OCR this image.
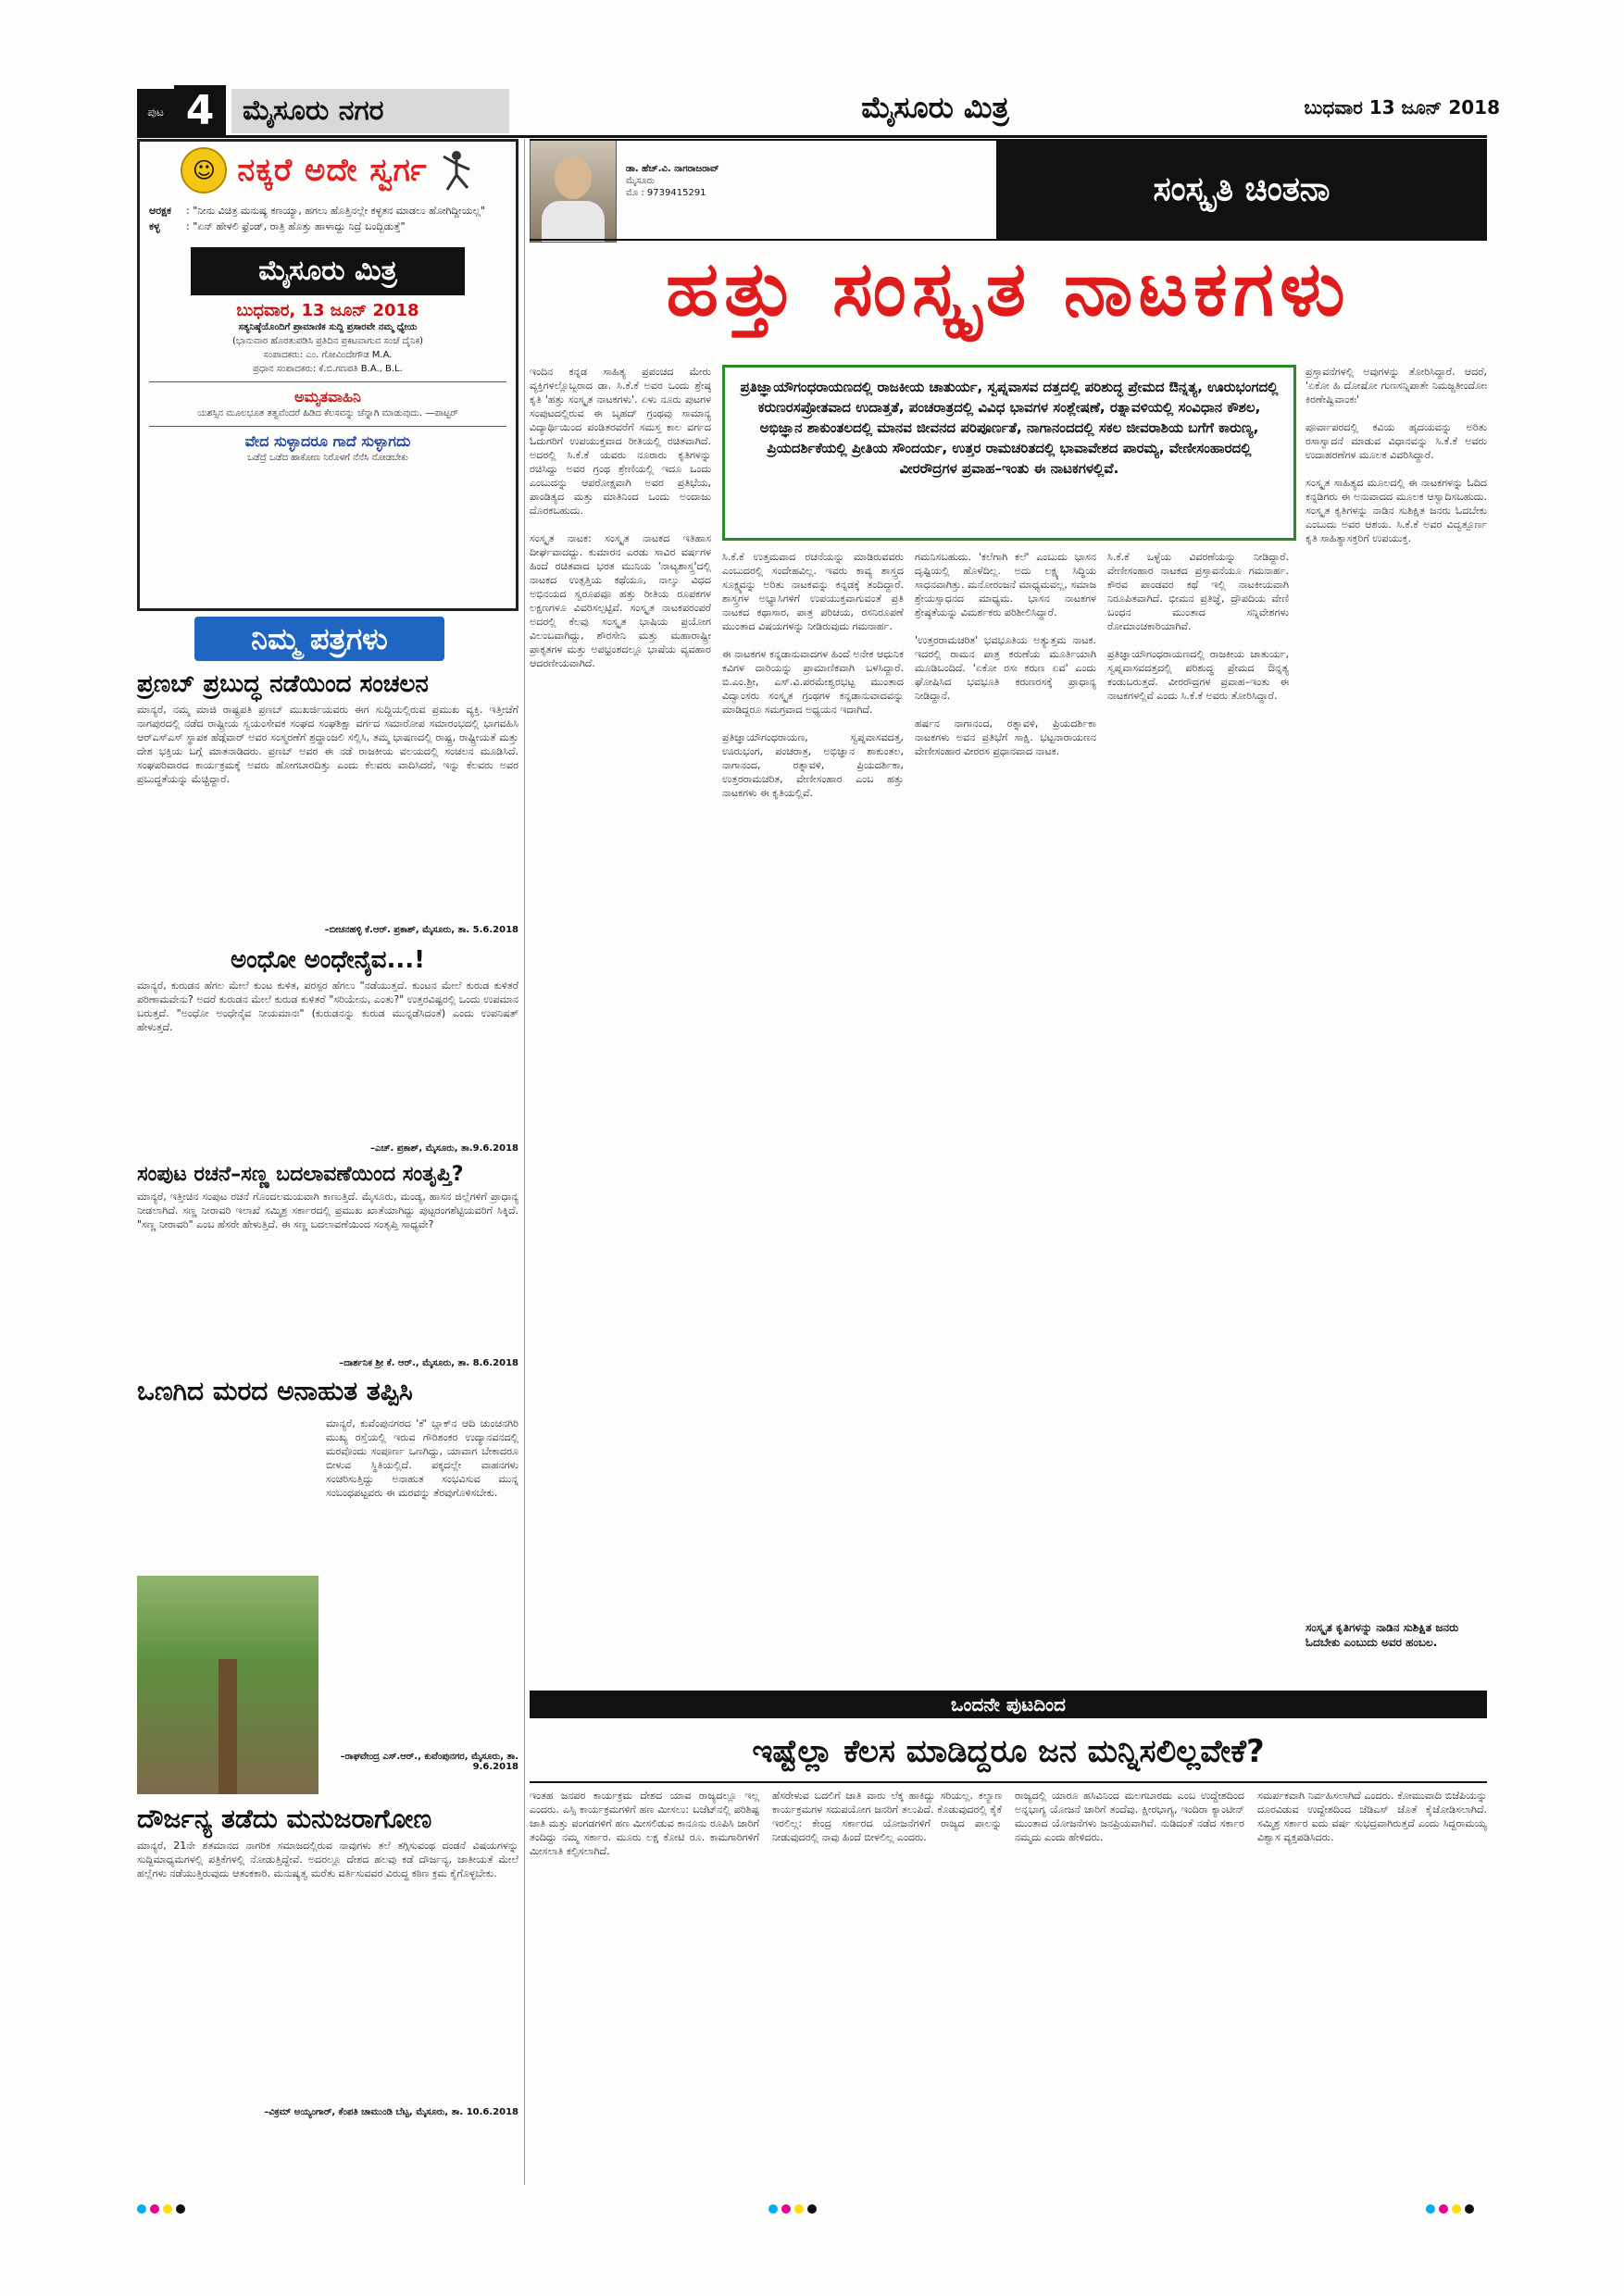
ಪುಟ 4	ಮೈಸೂರು ನಗರ	ಮೈಸೂರು ಮಿತ್ರ	ಬುಧವಾರ 13 ಜೂನ್ 2018
☺ ನಕ್ಕರೆ ಅದೇ ಸ್ವರ್ಗ
ಆರಕ್ಷಕ : "ನೀನು ವಿಚಿತ್ರ ಮನುಷ್ಯ ಕಣಯ್ಯಾ, ಹಗಲು ಹೊತ್ತಿನಲ್ಲೇ ಕಳ್ಳತನ ಮಾಡಲು ಹೋಗಿದ್ದೀಯಲ್ಲ"
ಕಳ್ಳ	: "ಏನ್ ಹೇಳಲಿ ಫ್ರೆಂಡ್, ರಾತ್ರಿ ಹೊತ್ತು ಹಾಳಾದ್ದು ನಿದ್ರೆ ಬಂದ್ಬಿಡುತ್ತೆ"
ಮೈಸೂರು ಮಿತ್ರ
ಬುಧವಾರ, 13 ಜೂನ್ 2018
ಸತ್ಯನಿಷ್ಠೆಯೊಂದಿಗೆ ಪ್ರಾಮಾಣಿಕ ಸುದ್ದಿ ಪ್ರಸಾರವೇ ನಮ್ಮ ಧ್ಯೇಯ
(ಭಾನುವಾರ ಹೊರತುಪಡಿಸಿ ಪ್ರತಿದಿನ ಪ್ರಕಟವಾಗುವ ಸಂಜೆ ದೈನಿಕ)
ಸಂಪಾದಕರು: ಎಂ. ಗೋವಿಂದೇಗೌಡ M.A.
ಪ್ರಧಾನ ಸಂಪಾದಕರು: ಕೆ.ಬಿ.ಗಣಪತಿ B.A., B.L.
ಅಮೃತವಾಹಿನಿ
ಯಶಸ್ಸಿನ ಮೂಲಭೂತ ತತ್ವವೆಂದರೆ ಹಿಡಿದ ಕೆಲಸವನ್ನು ಚೆನ್ನಾಗಿ ಮಾಡುವುದು. —ಪಾಟ್ಟರ್
ವೇದ ಸುಳ್ಳಾದರೂ ಗಾದೆ ಸುಳ್ಳಾಗದು
ಒಡೆದ್ರೆ ಒಡೆದ ಹಾಕೋಣ ನಿರೊಳಗೆ ನೆನೆಸಿ ನೋಡಬೇಕು
ನಿಮ್ಮ ಪತ್ರಗಳು
ಪ್ರಣಬ್ ಪ್ರಬುದ್ಧ ನಡೆಯಿಂದ ಸಂಚಲನ
ಮಾನ್ಯರೆ, ನಮ್ಮ ಮಾಜಿ ರಾಷ್ಟ್ರಪತಿ ಪ್ರಣಬ್ ಮುಖರ್ಜಿಯವರು ಈಗ ಸುದ್ದಿಯಲ್ಲಿರುವ ಪ್ರಮುಖ ವ್ಯಕ್ತಿ. ಇತ್ತೀಚೆಗೆ ನಾಗಪುರದಲ್ಲಿ ನಡೆದ ರಾಷ್ಟ್ರೀಯ ಸ್ವಯಂಸೇವಕ ಸಂಘದ ಸಂಘಶಿಕ್ಷಾ ವರ್ಗದ ಸಮಾರೋಪ ಸಮಾರಂಭದಲ್ಲಿ ಭಾಗವಹಿಸಿ ಆರ್‌ಎಸ್‌ಎಸ್ ಸ್ಥಾಪಕ ಹೆಡ್ಗೆವಾರ್ ಅವರ ಸಂಸ್ಮರಣೆಗೆ ಶ್ರದ್ಧಾಂಜಲಿ ಸಲ್ಲಿಸಿ, ತಮ್ಮ ಭಾಷಣದಲ್ಲಿ ರಾಷ್ಟ್ರ, ರಾಷ್ಟ್ರೀಯತೆ ಮತ್ತು ದೇಶ ಭಕ್ತಿಯ ಬಗ್ಗೆ ಮಾತನಾಡಿದರು. ಪ್ರಣಬ್ ಅವರ ಈ ನಡೆ ರಾಜಕೀಯ ವಲಯದಲ್ಲಿ ಸಂಚಲನ ಮೂಡಿಸಿದೆ. ಸಂಘಪರಿವಾರದ ಕಾರ್ಯಕ್ರಮಕ್ಕೆ ಅವರು ಹೋಗಬಾರದಿತ್ತು ಎಂದು ಕೆಲವರು ವಾದಿಸಿದರೆ, ಇನ್ನು ಕೆಲವರು ಅವರ ಪ್ರಬುದ್ಧತೆಯನ್ನು ಮೆಚ್ಚಿದ್ದಾರೆ.
–ಬೀಚನಹಳ್ಳಿ ಕೆ.ಆರ್. ಪ್ರಕಾಶ್, ಮೈಸೂರು, ತಾ. 5.6.2018
ಅಂಧೋ ಅಂಧೇನೈವ...!
ಮಾನ್ಯರೆ, ಕುರುಡನ ಹೆಗಲ ಮೇಲೆ ಕುಂಟ ಕುಳಿತ, ಪರಸ್ಪರ ಹೆಗಲು "ನಡೆಯುತ್ತದೆ. ಕುಂಟನ ಮೇಲೆ ಕುರುಡ ಕುಳಿತರೆ ಪರಿಣಾಮವೇನು? ಅದರೆ ಕುರುಡನ ಮೇಲೆ ಕುರುಡ ಕುಳಿತರೆ "ಸರಿಯೇನು, ಎಂತು?" ಉತ್ತರವಿಷ್ಟರಲ್ಲಿ ಒಂದು ಉಪಮಾನ ಬರುತ್ತದೆ. "ಅಂಧೋ ಅಂಧೇನೈವ ನೀಯಮಾನಃ" (ಕುರುಡನನ್ನು ಕುರುಡ ಮುನ್ನಡೆಸಿದಂತೆ) ಎಂದು ಉಪನಿಷತ್ ಹೇಳುತ್ತದೆ.
–ಎಚ್. ಪ್ರಕಾಶ್, ಮೈಸೂರು, ತಾ.9.6.2018
ಸಂಪುಟ ರಚನೆ–ಸಣ್ಣ ಬದಲಾವಣೆಯಿಂದ ಸಂತೃಪ್ತಿ?
ಮಾನ್ಯರೆ, ಇತ್ತೀಚಿನ ಸಂಪುಟ ರಚನೆ ಗೊಂದಲಮಯವಾಗಿ ಕಾಣುತ್ತಿದೆ. ಮೈಸೂರು, ಮಂಡ್ಯ, ಹಾಸನ ಜಿಲ್ಲೆಗಳಿಗೆ ಪ್ರಾಧಾನ್ಯ ನೀಡಲಾಗಿದೆ. ಸಣ್ಣ ನೀರಾವರಿ ಇಲಾಖೆ ಸಮ್ಮಿಶ್ರ ಸರ್ಕಾರದಲ್ಲಿ ಪ್ರಮುಖ ಖಾತೆಯಾಗಿದ್ದು ಪುಟ್ಟರಂಗಶೆಟ್ಟಿಯವರಿಗೆ ಸಿಕ್ಕಿದೆ. "ಸಣ್ಣ ನೀರಾವರಿ" ಎಂಬ ಹೆಸರೇ ಹೇಳುತ್ತಿದೆ. ಈ ಸಣ್ಣ ಬದಲಾವಣೆಯಿಂದ ಸಂತೃಪ್ತಿ ಸಾಧ್ಯವೇ?
–ದಾರ್ಶನಿಕ ಶ್ರೀ ಕೆ. ಆರ್., ಮೈಸೂರು, ತಾ. 8.6.2018
ಒಣಗಿದ ಮರದ ಅನಾಹುತ ತಪ್ಪಿಸಿ
ಮಾನ್ಯರೆ, ಕುವೆಂಪುನಗರದ 'ಕೆ' ಬ್ಲಾಕ್‌ನ ಆದಿ ಚುಂಚನಗಿರಿ ಮುಖ್ಯ ರಸ್ತೆಯಲ್ಲಿ ಇರುವ ಗೌರಿಶಂಕರ ಉದ್ಯಾನವನದಲ್ಲಿ ಮರವೊಂದು ಸಂಪೂರ್ಣ ಒಣಗಿದ್ದು, ಯಾವಾಗ ಬೇಕಾದರೂ ಬೀಳುವ ಸ್ಥಿತಿಯಲ್ಲಿದೆ. ಪಕ್ಕದಲ್ಲೇ ವಾಹನಗಳು ಸಂಚರಿಸುತ್ತಿದ್ದು ಅನಾಹುತ ಸಂಭವಿಸುವ ಮುನ್ನ ಸಂಬಂಧಪಟ್ಟವರು ಈ ಮರವನ್ನು ತೆರವುಗೊಳಿಸಬೇಕು.
–ರಾಘವೇಂದ್ರ ಎಸ್.ಆರ್., ಕುವೆಂಪುನಗರ, ಮೈಸೂರು, ತಾ. 9.6.2018
ದೌರ್ಜನ್ಯ ತಡೆದು ಮನುಜರಾಗೋಣ
ಮಾನ್ಯರೆ, 21ನೇ ಶತಮಾನದ ನಾಗರಿಕ ಸಮಾಜದಲ್ಲಿರುವ ನಾವುಗಳು ತಲೆ ತಗ್ಗಿಸುವಂಥ ದಂಡನೆ ವಿಷಯಗಳನ್ನು ಸುದ್ದಿಮಾಧ್ಯಮಗಳಲ್ಲಿ ಪತ್ರಿಕೆಗಳಲ್ಲಿ ನೋಡುತ್ತಿದ್ದೇವೆ. ಅದರಲ್ಲೂ ದೇಶದ ಹಲವು ಕಡೆ ದೌರ್ಜನ್ಯ, ಜಾತೀಯತೆ ಮೇಲೆ ಹಲ್ಲೆಗಳು ನಡೆಯುತ್ತಿರುವುದು ಆತಂಕಕಾರಿ. ಮನುಷ್ಯತ್ವ ಮರೆತು ವರ್ತಿಸುವವರ ವಿರುದ್ಧ ಕಠಿಣ ಕ್ರಮ ಕೈಗೊಳ್ಳಬೇಕು.
–ವಿಕ್ರಮ್ ಅಯ್ಯಂಗಾರ್, ಕೆಂಪತಿ ಚಾಮುಂಡಿ ಬೆಟ್ಟ, ಮೈಸೂರು, ತಾ. 10.6.2018
ಡಾ. ಹೆಚ್.ವಿ. ನಾಗರಾಜರಾವ್
ಮೈಸೂರು
ಮೊ : 9739415291	ಸಂಸ್ಕೃತಿ ಚಿಂತನಾ
ಹತ್ತು ಸಂಸ್ಕೃತ ನಾಟಕಗಳು
ಇಂದಿನ ಕನ್ನಡ ಸಾಹಿತ್ಯ ಪ್ರಪಂಚದ ಮೇರು ವ್ಯಕ್ತಿಗಳಲ್ಲೊಬ್ಬರಾದ ಡಾ. ಸಿ.ಕೆ.ಕೆ ಅವರ ಒಂದು ಶ್ರೇಷ್ಠ ಕೃತಿ 'ಹತ್ತು ಸಂಸ್ಕೃತ ನಾಟಕಗಳು'. ಏಳು ನೂರು ಪುಟಗಳ ಸಂಪುಟದಲ್ಲಿರುವ ಈ ಬೃಹದ್ ಗ್ರಂಥವು ಸಾಮಾನ್ಯ ವಿದ್ಯಾರ್ಥಿಯಿಂದ ಪಂಡಿತರವರೆಗೆ ಸಮಸ್ತ ಕಾಲ ವರ್ಗದ ಓದುಗರಿಗೆ ಉಪಯುಕ್ತವಾದ ರೀತಿಯಲ್ಲಿ ರಚಿತವಾಗಿದೆ. ಅದರಲ್ಲಿ ಸಿ.ಕೆ.ಕೆ ಯವರು ನೂರಾರು ಕೃತಿಗಳನ್ನು ರಚಿಸಿದ್ದು ಅವರ ಗ್ರಂಥ ಶ್ರೇಣಿಯಲ್ಲಿ ಇದೂ ಒಂದು ಎಂಬುದನ್ನು ಆಪರೋಕ್ಷವಾಗಿ ಅವರ ಪ್ರತಿಭೆಯ, ಪಾಂಡಿತ್ಯದ ಮತ್ತು ಮಾತಿನಿಂದ ಒಂದು ಅಂದಾಜು ದೊರಕಬಹುದು.

ಸಂಸ್ಕೃತ ನಾಟಕ: ಸಂಸ್ಕೃತ ನಾಟಕದ ಇತಿಹಾಸ ದೀರ್ಘವಾದದ್ದು. ಕುಮಾರನ ಎರಡು ಸಾವಿರ ವರ್ಷಗಳ ಹಿಂದೆ ರಚಿತವಾದ ಭರತ ಮುನಿಯ 'ನಾಟ್ಯಶಾಸ್ತ್ರ'ದಲ್ಲಿ ನಾಟಕದ ಉತ್ಪತ್ತಿಯ ಕಥೆಯೂ, ನಾಲ್ಕು ವಿಧದ ಅಭಿನಯದ ಸ್ವರೂಪವೂ ಹತ್ತು ರೀತಿಯ ರೂಪಕಗಳ ಲಕ್ಷಣಗಳೂ ವಿವರಿಸಲ್ಪಟ್ಟಿವೆ. ಸಂಸ್ಕೃತ ನಾಟಕಪರಂಪರೆ ಅದರಲ್ಲಿ ಕೆಲವು ಸಂಸ್ಕೃತ ಭಾಷಿಯ ಪ್ರಯೋಗ ವಿಲಂಬವಾಗಿದ್ದು, ಶೌರಸೇನಿ ಮತ್ತು ಮಹಾರಾಷ್ಟ್ರೀ ಪ್ರಾಕೃತಗಳ ಮತ್ತು ಅಪಭ್ರಂಶದಲ್ಲೂ ಭಾಷೆಯ ವ್ಯವಹಾರ ಆದರಣೀಯವಾಗಿದೆ.
ಪ್ರತಿಜ್ಞಾಯೌಗಂಧರಾಯಣದಲ್ಲಿ ರಾಜಕೀಯ ಚಾತುರ್ಯ, ಸ್ವಪ್ನವಾಸವ ದತ್ತದಲ್ಲಿ ಪರಿಶುದ್ಧ ಪ್ರೇಮದ ಔನ್ನತ್ಯ, ಊರುಭಂಗದಲ್ಲಿ ಕರುಣರಸಪ್ರೋತವಾದ ಉದಾತ್ತತೆ, ಪಂಚರಾತ್ರದಲ್ಲಿ ವಿವಿಧ ಭಾವಗಳ ಸಂಶ್ಲೇಷಣೆ, ರತ್ನಾವಳಿಯಲ್ಲಿ ಸಂವಿಧಾನ ಕೌಶಲ, ಅಭಿಜ್ಞಾನ ಶಾಕುಂತಲದಲ್ಲಿ ಮಾನವ ಜೀವನದ ಪರಿಪೂರ್ಣತೆ, ನಾಗಾನಂದದಲ್ಲಿ ಸಕಲ ಜೀವರಾಶಿಯ ಬಗೆಗೆ ಕಾರುಣ್ಯ, ಪ್ರಿಯದರ್ಶಿಕೆಯಲ್ಲಿ ಪ್ರೀತಿಯ ಸೌಂದರ್ಯ, ಉತ್ತರ ರಾಮಚರಿತದಲ್ಲಿ ಭಾವಾವೇಶದ ಪಾರಮ್ಯ, ವೇಣೀಸಂಹಾರದಲ್ಲಿ ವೀರರೌದ್ರಗಳ ಪ್ರವಾಹ–ಇಂತು ಈ ನಾಟಕಗಳಲ್ಲಿವೆ.
ಸಿ.ಕೆ.ಕೆ ಉತ್ತಮವಾದ ರಚನೆಯನ್ನು ಮಾಡಿರುವವರು ಎಂಬುದರಲ್ಲಿ ಸಂದೇಹವಿಲ್ಲ. ಇವರು ಕಾವ್ಯ ಶಾಸ್ತ್ರದ ಸೂಕ್ಷ್ಮವನ್ನು ಅರಿತು ನಾಟಕವನ್ನು ಕನ್ನಡಕ್ಕೆ ತಂದಿದ್ದಾರೆ. ಶಾಸ್ತ್ರಗಳ ಅಭ್ಯಾಸಿಗಳಿಗೆ ಉಪಯುಕ್ತವಾಗುವಂತೆ ಪ್ರತಿ ನಾಟಕದ ಕಥಾಸಾರ, ಪಾತ್ರ ಪರಿಚಯ, ರಸನಿರೂಪಣೆ ಮುಂತಾದ ವಿಷಯಗಳನ್ನು ನೀಡಿರುವುದು ಗಮನಾರ್ಹ.

ಈ ನಾಟಕಗಳ ಕನ್ನಡಾನುವಾದಗಳ ಹಿಂದೆ ಅನೇಕ ಆಧುನಿಕ ಕವಿಗಳ ದಾರಿಯನ್ನು ಪ್ರಾಮಾಣಿಕವಾಗಿ ಬಳಸಿದ್ದಾರೆ. ಬಿ.ಎಂ.ಶ್ರೀ, ಎಸ್.ವಿ.ಪರಮೇಶ್ವರಭಟ್ಟ ಮುಂತಾದ ವಿದ್ವಾಂಸರು ಸಂಸ್ಕೃತ ಗ್ರಂಥಗಳ ಕನ್ನಡಾನುವಾದವನ್ನು ಮಾಡಿದ್ದರೂ ಸಮಗ್ರವಾದ ಅಧ್ಯಯನ ಇದಾಗಿದೆ.

ಪ್ರತಿಜ್ಞಾಯೌಗಂಧರಾಯಣ, ಸ್ವಪ್ನವಾಸವದತ್ತ, ಊರುಭಂಗ, ಪಂಚರಾತ್ರ, ಅಭಿಜ್ಞಾನ ಶಾಕುಂತಲ, ನಾಗಾನಂದ, ರತ್ನಾವಳಿ, ಪ್ರಿಯದರ್ಶಿಕಾ, ಉತ್ತರರಾಮಚರಿತ, ವೇಣೀಸಂಹಾರ ಎಂಬ ಹತ್ತು ನಾಟಕಗಳು ಈ ಕೃತಿಯಲ್ಲಿವೆ.
ಗಮನಿಸಬಹುದು. 'ಕಲೆಗಾಗಿ ಕಲೆ' ಎಂಬುದು ಭಾಸನ ದೃಷ್ಟಿಯಲ್ಲಿ ಹೊಳೆದಿಲ್ಲ. ಅದು ಲಕ್ಷ್ಯ ಸಿದ್ಧಿಯ ಸಾಧನವಾಗಿತ್ತು. ಮನೋರಂಜನೆ ಮಾಧ್ಯಮವಲ್ಲ, ಸಮಾಜ ಶ್ರೇಯಸ್ಸಾಧನದ ಮಾಧ್ಯಮ. ಭಾಸನ ನಾಟಕಗಳ ಶ್ರೇಷ್ಠತೆಯನ್ನು ವಿಮರ್ಶಕರು ಪರಿಶೀಲಿಸಿದ್ದಾರೆ.

'ಉತ್ತರರಾಮಚರಿತ' ಭವಭೂತಿಯ ಅತ್ಯುತ್ತಮ ನಾಟಕ. ಇದರಲ್ಲಿ ರಾಮನ ಪಾತ್ರ ಕರುಣೆಯ ಮೂರ್ತಿಯಾಗಿ ಮೂಡಿಬಂದಿದೆ. 'ಏಕೋ ರಸಃ ಕರುಣ ಏವ' ಎಂದು ಘೋಷಿಸಿದ ಭವಭೂತಿ ಕರುಣರಸಕ್ಕೆ ಪ್ರಾಧಾನ್ಯ ನೀಡಿದ್ದಾನೆ.

ಹರ್ಷನ ನಾಗಾನಂದ, ರತ್ನಾವಳಿ, ಪ್ರಿಯದರ್ಶಿಕಾ ನಾಟಕಗಳು ಅವನ ಪ್ರತಿಭೆಗೆ ಸಾಕ್ಷಿ. ಭಟ್ಟನಾರಾಯಣನ ವೇಣೀಸಂಹಾರ ವೀರರಸ ಪ್ರಧಾನವಾದ ನಾಟಕ.
ಸಿ.ಕೆ.ಕೆ ಒಳ್ಳೆಯ ವಿವರಣೆಯನ್ನು ನೀಡಿದ್ದಾರೆ. ವೇಣೀಸಂಹಾರ ನಾಟಕದ ಪ್ರಸ್ತಾವನೆಯೂ ಗಮನಾರ್ಹ. ಕೌರವ ಪಾಂಡವರ ಕಥೆ ಇಲ್ಲಿ ನಾಟಕೀಯವಾಗಿ ನಿರೂಪಿತವಾಗಿದೆ. ಭೀಮನ ಪ್ರತಿಜ್ಞೆ, ದ್ರೌಪದಿಯ ವೇಣಿ ಬಂಧನ ಮುಂತಾದ ಸನ್ನಿವೇಶಗಳು ರೋಮಾಂಚಕಾರಿಯಾಗಿವೆ.

ಪ್ರತಿಜ್ಞಾಯೌಗಂಧರಾಯಣದಲ್ಲಿ ರಾಜಕೀಯ ಚಾತುರ್ಯ, ಸ್ವಪ್ನವಾಸವದತ್ತದಲ್ಲಿ ಪರಿಶುದ್ಧ ಪ್ರೇಮದ ಔನ್ನತ್ಯ ಕಂಡುಬರುತ್ತದೆ. ವೀರರೌದ್ರಗಳ ಪ್ರವಾಹ–ಇಂತು ಈ ನಾಟಕಗಳಲ್ಲಿವೆ ಎಂದು ಸಿ.ಕೆ.ಕೆ ಅವರು ತೋರಿಸಿದ್ದಾರೆ.
ಪ್ರಸ್ತಾವನೆಗಳಲ್ಲಿ ಅವುಗಳನ್ನು ತೋರಿಸಿದ್ದಾರೆ. ಆದರೆ, 'ಏಕೋ ಹಿ ದೋಷೋ ಗುಣಸನ್ನಿಪಾತೇ ನಿಮಜ್ಜತೀಂದೋಃ ಕಿರಣೇಷ್ವಿವಾಂಕಃ'

ಪೂರ್ವಾಪರದಲ್ಲಿ ಕವಿಯ ಹೃದಯವನ್ನು ಅರಿತು ರಸಾಸ್ವಾದನೆ ಮಾಡುವ ವಿಧಾನವನ್ನು ಸಿ.ಕೆ.ಕೆ ಅವರು ಉದಾಹರಣೆಗಳ ಮೂಲಕ ವಿವರಿಸಿದ್ದಾರೆ.

ಸಂಸ್ಕೃತ ಸಾಹಿತ್ಯದ ಮೂಲದಲ್ಲಿ ಈ ನಾಟಕಗಳನ್ನು ಓದಿದ ಕನ್ನಡಿಗರು ಈ ಅನುವಾದದ ಮೂಲಕ ಆಸ್ವಾದಿಸಬಹುದು. ಸಂಸ್ಕೃತ ಕೃತಿಗಳನ್ನು ನಾಡಿನ ಸುಶಿಕ್ಷಿತ ಜನರು ಓದಬೇಕು ಎಂಬುದು ಅವರ ಆಶಯ. ಸಿ.ಕೆ.ಕೆ ಅವರ ವಿದ್ವತ್ಪೂರ್ಣ ಕೃತಿ ಸಾಹಿತ್ಯಾಸಕ್ತರಿಗೆ ಉಪಯುಕ್ತ.
ಸಂಸ್ಕೃತ ಕೃತಿಗಳನ್ನು ನಾಡಿನ ಸುಶಿಕ್ಷಿತ ಜನರು ಓದಬೇಕು ಎಂಬುದು ಅವರ ಹಂಬಲ.
ಒಂದನೇ ಪುಟದಿಂದ
ಇಷ್ಟೆಲ್ಲಾ ಕೆಲಸ ಮಾಡಿದ್ದರೂ ಜನ ಮನ್ನಿಸಲಿಲ್ಲವೇಕೆ?
ಇಂತಹ ಜನಪರ ಕಾರ್ಯಕ್ರಮ ದೇಶದ ಯಾವ ರಾಜ್ಯದಲ್ಲೂ ಇಲ್ಲ ಎಂದರು. ಎಸ್ಸಿ ಕಾರ್ಯಕ್ರಮಗಳಿಗೆ ಹಣ ಮೀಸಲು: ಬಜೆಟ್‌ನಲ್ಲಿ ಪರಿಶಿಷ್ಟ ಜಾತಿ ಮತ್ತು ಪಂಗಡಗಳಿಗೆ ಹಣ ಮೀಸಲಿಡುವ ಕಾನೂನು ರೂಪಿಸಿ ಜಾರಿಗೆ ತಂದಿದ್ದು ನಮ್ಮ ಸರ್ಕಾರ. ಮೂರು ಲಕ್ಷ ಕೋಟಿ ರೂ. ಕಾಮಗಾರಿಗಳಿಗೆ ಮೀಸಲಾತಿ ಕಲ್ಪಿಸಲಾಗಿದೆ.
ಹೆಸರೇಳುವ ಬದಲಿಗೆ ಜಾತಿ ವಾರು ಲೆಕ್ಕ ಹಾಕಿದ್ದು ಸರಿಯಲ್ಲ. ಕಲ್ಯಾಣ ಕಾರ್ಯಕ್ರಮಗಳ ಸದುಪಯೋಗ ಜನರಿಗೆ ತಲುಪಿದೆ. ಕೊಡುವುದರಲ್ಲಿ ಕೈಕೆ ಇರಲಿಲ್ಲ: ಕೇಂದ್ರ ಸರ್ಕಾರದ ಯೋಜನೆಗಳಿಗೆ ರಾಜ್ಯದ ಪಾಲನ್ನು ನೀಡುವುದರಲ್ಲಿ ನಾವು ಹಿಂದೆ ಬೀಳಲಿಲ್ಲ ಎಂದರು.
ರಾಜ್ಯದಲ್ಲಿ ಯಾರೂ ಹಸಿವಿನಿಂದ ಮಲಗಬಾರದು ಎಂಬ ಉದ್ದೇಶದಿಂದ ಅನ್ನಭಾಗ್ಯ ಯೋಜನೆ ಜಾರಿಗೆ ತಂದೆವು. ಕ್ಷೀರಭಾಗ್ಯ, ಇಂದಿರಾ ಕ್ಯಾಂಟೀನ್ ಮುಂತಾದ ಯೋಜನೆಗಳು ಜನಪ್ರಿಯವಾಗಿವೆ. ನುಡಿದಂತೆ ನಡೆದ ಸರ್ಕಾರ ನಮ್ಮದು ಎಂದು ಹೇಳಿದರು.
ಸಮರ್ಪಕವಾಗಿ ನಿರ್ವಹಿಸಲಾಗಿದೆ ಎಂದರು. ಕೋಮುವಾದಿ ಬಿಜೆಪಿಯನ್ನು ದೂರವಿಡುವ ಉದ್ದೇಶದಿಂದ ಜೆಡಿಎಸ್ ಜೊತೆ ಕೈಜೋಡಿಸಲಾಗಿದೆ. ಸಮ್ಮಿಶ್ರ ಸರ್ಕಾರ ಐದು ವರ್ಷ ಸುಭದ್ರವಾಗಿರುತ್ತದೆ ಎಂದು ಸಿದ್ದರಾಮಯ್ಯ ವಿಶ್ವಾಸ ವ್ಯಕ್ತಪಡಿಸಿದರು.
